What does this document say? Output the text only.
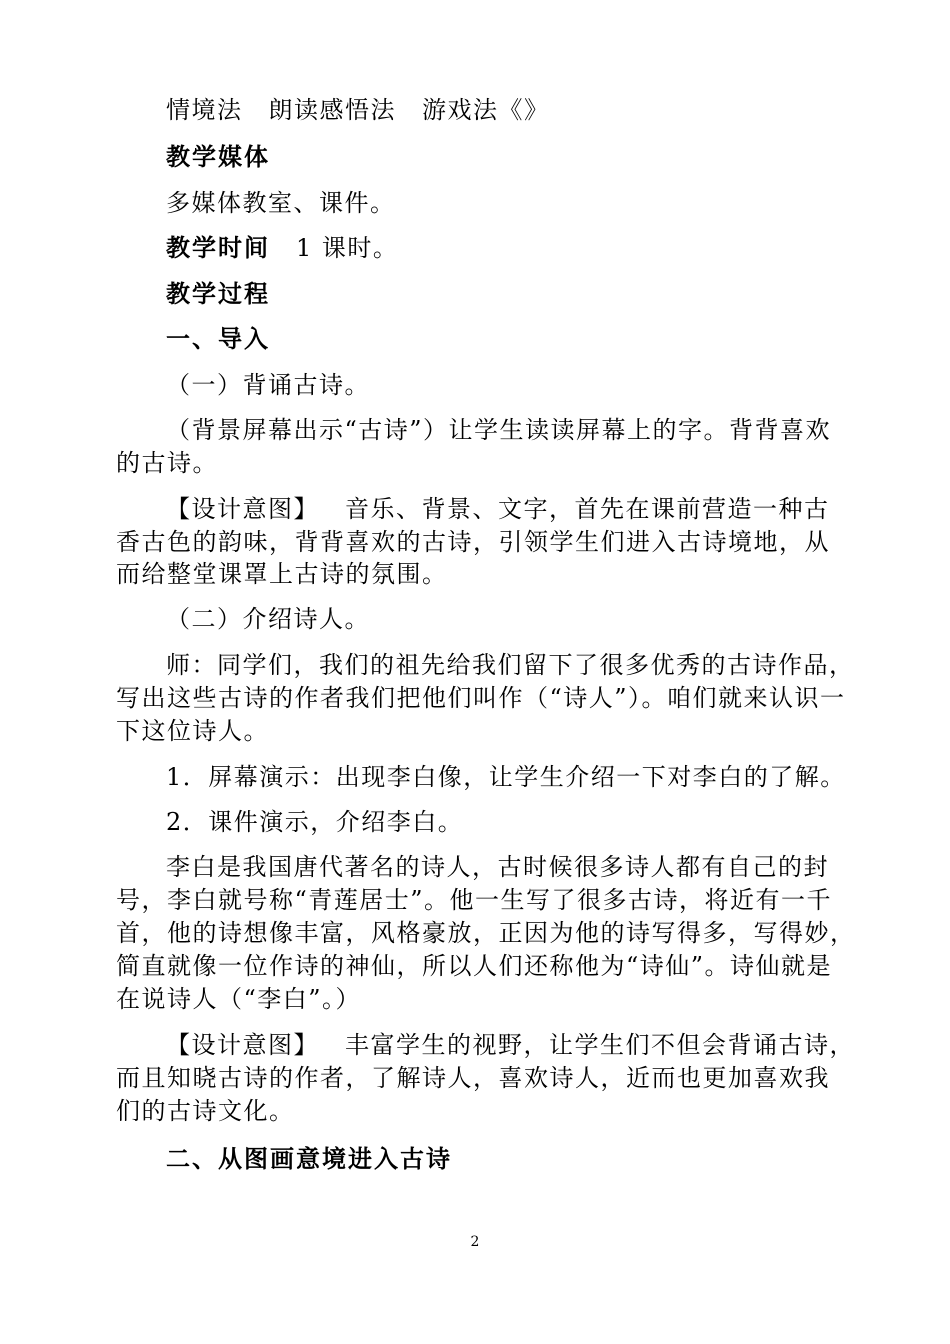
情境法 朗读感悟法 游戏法《》
教学媒体
多媒体教室、课件。
教学时间 1 课时。
教学过程
一、导入
（一）背诵古诗。
（背景屏幕出示“古诗”）让学生读读屏幕上的字。背背喜欢
的古诗。
【设计意图】 音乐、背景、文字，首先在课前营造一种古
香古色的韵味，背背喜欢的古诗，引领学生们进入古诗境地，从
而给整堂课罩上古诗的氛围。
（二）介绍诗人。
师：同学们，我们的祖先给我们留下了很多优秀的古诗作品，
写出这些古诗的作者我们把他们叫作（“诗人”）。咱们就来认识一
下这位诗人。
1．屏幕演示：出现李白像，让学生介绍一下对李白的了解。
2．课件演示，介绍李白。
李白是我国唐代著名的诗人，古时候很多诗人都有自己的封
号，李白就号称“青莲居士”。他一生写了很多古诗，将近有一千
首，他的诗想像丰富，风格豪放，正因为他的诗写得多，写得妙，
简直就像一位作诗的神仙，所以人们还称他为“诗仙”。诗仙就是
在说诗人（“李白”。）
【设计意图】 丰富学生的视野，让学生们不但会背诵古诗，
而且知晓古诗的作者，了解诗人，喜欢诗人，近而也更加喜欢我
们的古诗文化。
二、从图画意境进入古诗
2
